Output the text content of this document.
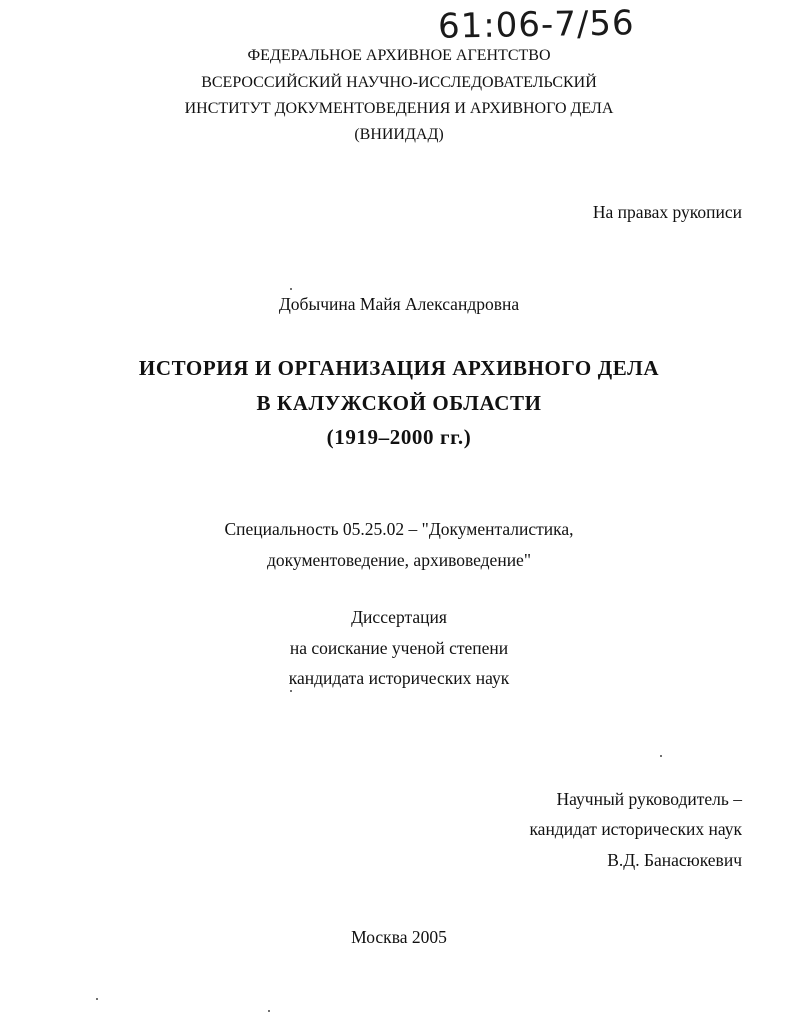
61:06-7/56
ФЕДЕРАЛЬНОЕ АРХИВНОЕ АГЕНТСТВО
ВСЕРОССИЙСКИЙ НАУЧНО-ИССЛЕДОВАТЕЛЬСКИЙ
ИНСТИТУТ ДОКУМЕНТОВЕДЕНИЯ И АРХИВНОГО ДЕЛА
(ВНИИДАД)
На правах рукописи
Добычина Майя Александровна
ИСТОРИЯ И ОРГАНИЗАЦИЯ АРХИВНОГО ДЕЛА
В КАЛУЖСКОЙ ОБЛАСТИ
(1919–2000 гг.)
Специальность 05.25.02 – "Документалистика,
документоведение, архивоведение"
Диссертация
на соискание ученой степени
кандидата исторических наук
Научный руководитель –
кандидат исторических наук
В.Д. Банасюкевич
Москва 2005
